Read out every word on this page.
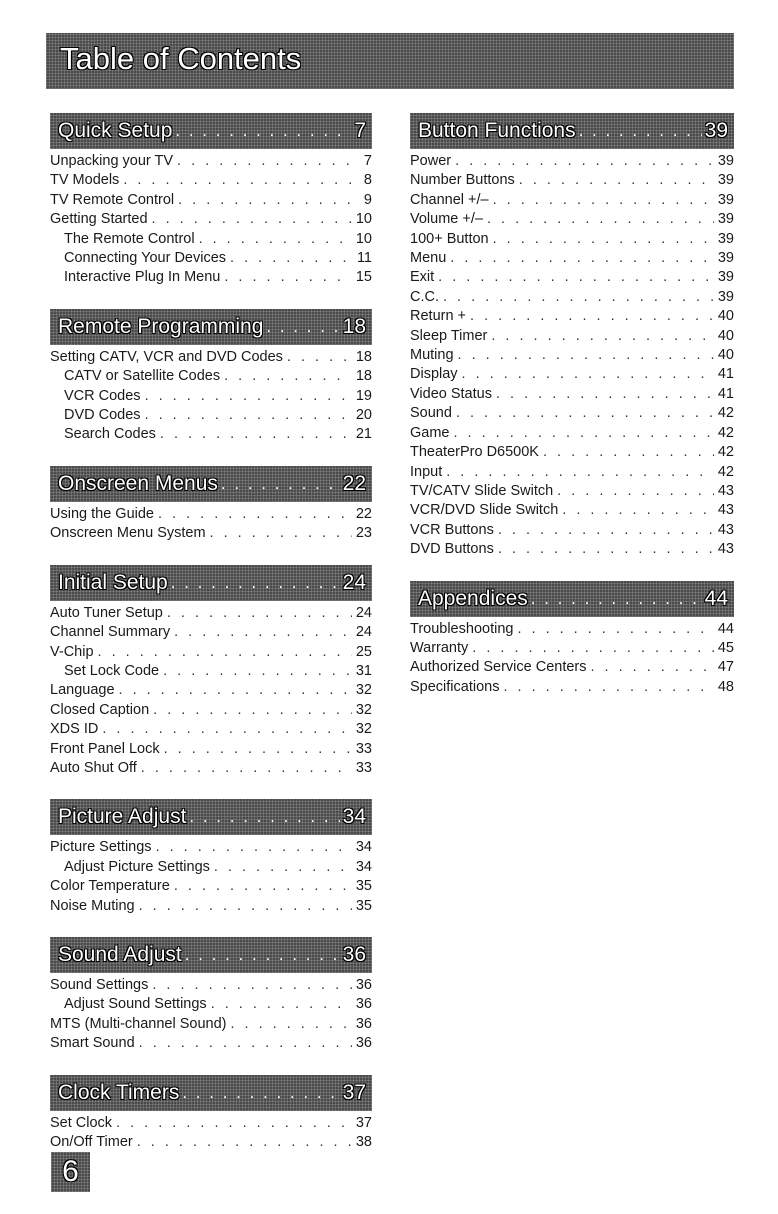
Table of Contents
Quick Setup . . .	7
Unpacking your TV . . .	7
TV Models . . .	8
TV Remote Control . . .	9
Getting Started . . .	10
The Remote Control . . .	10
Connecting Your Devices . . .	11
Interactive Plug In Menu . . .	15
Remote Programming . . .	18
Setting CATV, VCR and DVD Codes . . .	18
CATV or Satellite Codes . . .	18
VCR Codes . . .	19
DVD Codes . . .	20
Search Codes . . .	21
Onscreen Menus . . .	22
Using the Guide . . .	22
Onscreen Menu System . . .	23
Initial Setup . . .	24
Auto Tuner Setup . . .	24
Channel Summary . . .	24
V-Chip . . .	25
Set Lock Code . . .	31
Language . . .	32
Closed Caption . . .	32
XDS ID . . .	32
Front Panel Lock . . .	33
Auto Shut Off . . .	33
Picture Adjust . . .	34
Picture Settings . . .	34
Adjust Picture Settings . . .	34
Color Temperature . . .	35
Noise Muting . . .	35
Sound Adjust . . .	36
Sound Settings . . .	36
Adjust Sound Settings . . .	36
MTS (Multi-channel Sound) . . .	36
Smart Sound . . .	36
Clock Timers . . .	37
Set Clock . . .	37
On/Off Timer . . .	38
Button Functions . . .	39
Power . . .	39
Number Buttons . . .	39
Channel +/– . . .	39
Volume +/– . . .	39
100+ Button . . .	39
Menu . . .	39
Exit . . .	39
C.C. . . .	39
Return + . . .	40
Sleep Timer . . .	40
Muting . . .	40
Display . . .	41
Video Status . . .	41
Sound . . .	42
Game . . .	42
TheaterPro D6500K . . .	42
Input . . .	42
TV/CATV Slide Switch . . .	43
VCR/DVD Slide Switch . . .	43
VCR Buttons . . .	43
DVD Buttons . . .	43
Appendices . . .	44
Troubleshooting . . .	44
Warranty . . .	45
Authorized Service Centers . . .	47
Specifications . . .	48
6
